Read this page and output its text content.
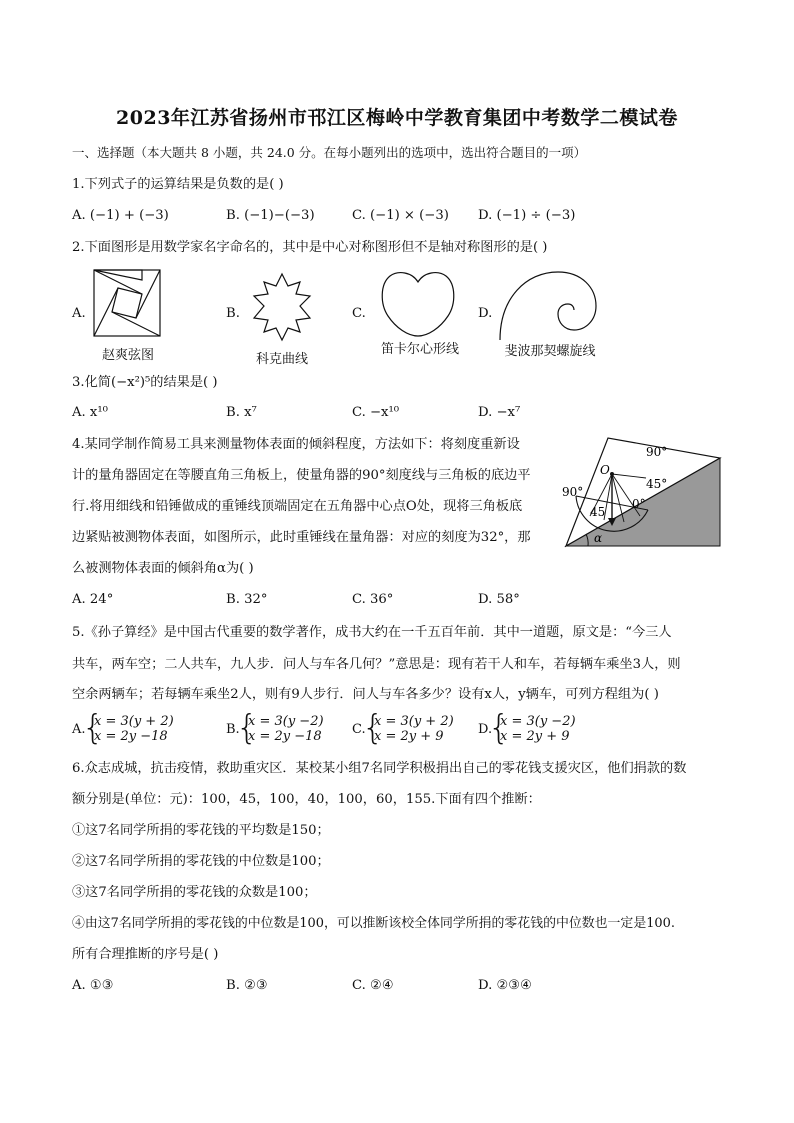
2023年江苏省扬州市邗江区梅岭中学教育集团中考数学二模试卷
一、选择题（本大题共 8 小题，共 24.0 分。在每小题列出的选项中，选出符合题目的一项）
1.下列式子的运算结果是负数的是( )
A. (−1) + (−3)	B. (−1)−(−3)	C. (−1) × (−3) D. (−1) ÷ (−3)
2.下面图形是用数学家名字命名的，其中是中心对称图形但不是轴对称图形的是( )
A.	B.	C.	D.
赵爽弦图	科克曲线
笛卡尔心形线	斐波那契螺旋线
3.化简(−x²)⁵的结果是( )
A. x¹⁰	B. x⁷	C. −x¹⁰	D. −x⁷
4.某同学制作简易工具来测量物体表面的倾斜程度，方法如下：将刻度重新设
计的量角器固定在等腰直角三角板上，使量角器的90°刻度线与三角板的底边平
行.将用细线和铅锤做成的重锤线顶端固定在五角器中心点O处，现将三角板底
边紧贴被测物体表面，如图所示，此时重锤线在量角器：对应的刻度为32°，那
么被测物体表面的倾斜角α为( )
A. 24°	B. 32°	C. 36°	D. 58°
O
90°
90°
45°
45
0°
α
5.《孙子算经》是中国古代重要的数学著作，成书大约在一千五百年前．其中一道题，原文是：“今三人
共车，两车空；二人共车，九人步．问人与车各几何？”意思是：现有若干人和车，若每辆车乘坐3人，则
空余两辆车；若每辆车乘坐2人，则有9人步行．问人与车各多少？设有x人，y辆车，可列方程组为( )
A.
{
x = 3(y + 2)
x = 2y −18	B.
{
x = 3(y −2)
x = 2y −18 C.
{
x = 3(y + 2)
x = 2y + 9	D.
{
x = 3(y −2)
x = 2y + 9
6.众志成城，抗击疫情，救助重灾区．某校某小组7名同学积极捐出自己的零花钱支援灾区，他们捐款的数
额分别是(单位：元)：100，45，100，40，100，60，155.下面有四个推断：
①这7名同学所捐的零花钱的平均数是150；
②这7名同学所捐的零花钱的中位数是100；
③这7名同学所捐的零花钱的众数是100；
④由这7名同学所捐的零花钱的中位数是100，可以推断该校全体同学所捐的零花钱的中位数也一定是100.
所有合理推断的序号是( )
A. ①③	B. ②③	C. ②④	D. ②③④
